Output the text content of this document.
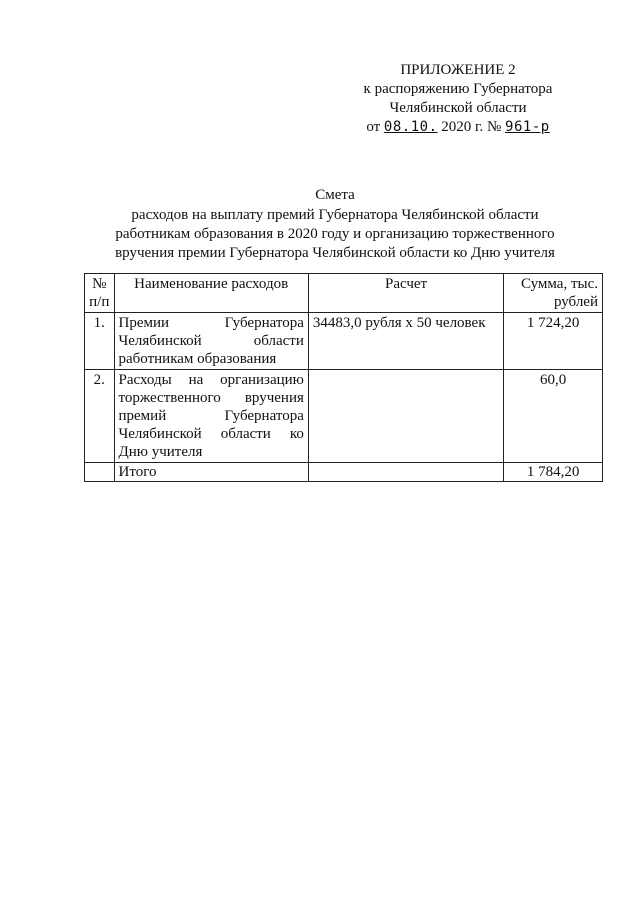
ПРИЛОЖЕНИЕ 2
к распоряжению Губернатора
Челябинской области
от 08.10. 2020 г. № 961-р
Смета
расходов на выплату премий Губернатора Челябинской области работникам образования в 2020 году и организацию торжественного вручения премии Губернатора Челябинской области ко Дню учителя
№ п/п	Наименование расходов	Расчет	Сумма, тыс. рублей
1.	Премии Губернатора Челябинской области работникам образования	34483,0 рубля х 50 человек	1 724,20
2.	Расходы на организацию торжественного вручения премий Губернатора Челябинской области ко Дню учителя		60,0
	Итого		1 784,20
